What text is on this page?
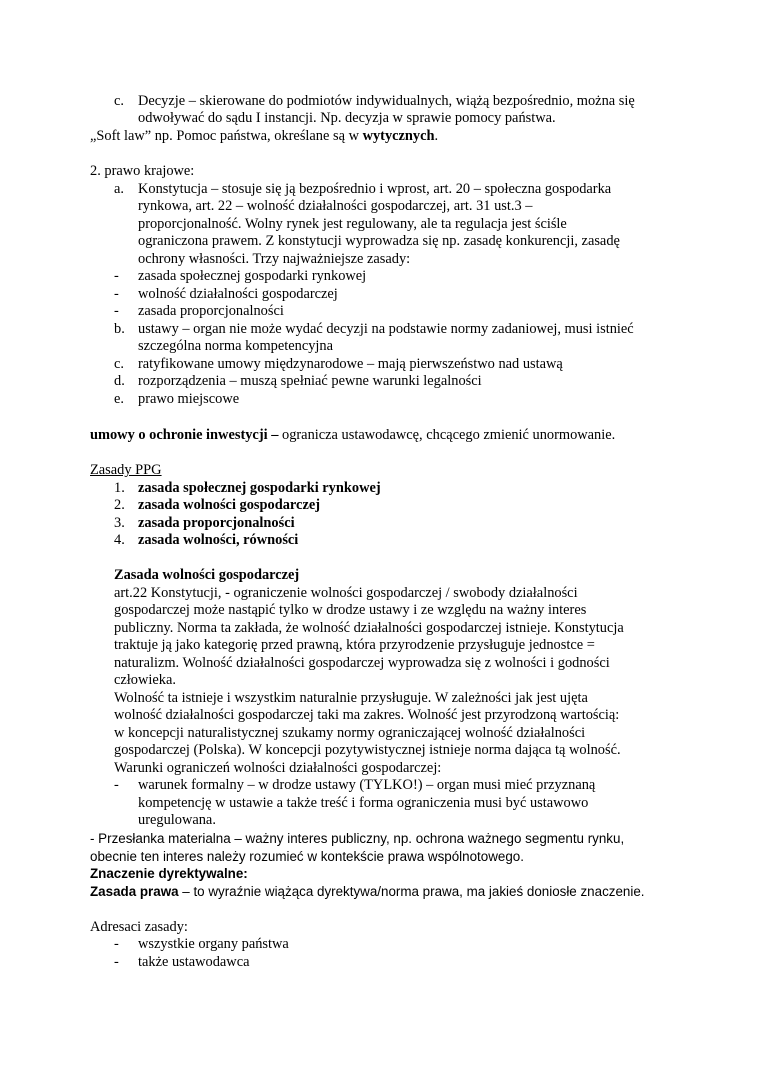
c. Decyzje – skierowane do podmiotów indywidualnych, wiążą bezpośrednio, można się
odwoływać do sądu I instancji. Np. decyzja w sprawie pomocy państwa.
„Soft law” np. Pomoc państwa, określane są w wytycznych.
2. prawo krajowe:
a. Konstytucja – stosuje się ją bezpośrednio i wprost, art. 20 – społeczna gospodarka
rynkowa, art. 22 – wolność działalności gospodarczej, art. 31 ust.3 –
proporcjonalność. Wolny rynek jest regulowany, ale ta regulacja jest ściśle
ograniczona prawem. Z konstytucji wyprowadza się np. zasadę konkurencji, zasadę
ochrony własności. Trzy najważniejsze zasady:
- zasada społecznej gospodarki rynkowej
- wolność działalności gospodarczej
- zasada proporcjonalności
b. ustawy – organ nie może wydać decyzji na podstawie normy zadaniowej, musi istnieć
szczególna norma kompetencyjna
c. ratyfikowane umowy międzynarodowe – mają pierwszeństwo nad ustawą
d. rozporządzenia – muszą spełniać pewne warunki legalności
e. prawo miejscowe
umowy o ochronie inwestycji – ogranicza ustawodawcę, chcącego zmienić unormowanie.
Zasady PPG
1. zasada społecznej gospodarki rynkowej
2. zasada wolności gospodarczej
3. zasada proporcjonalności
4. zasada wolności, równości
Zasada wolności gospodarczej
art.22 Konstytucji, - ograniczenie wolności gospodarczej / swobody działalności
gospodarczej może nastąpić tylko w drodze ustawy i ze względu na ważny interes
publiczny. Norma ta zakłada, że wolność działalności gospodarczej istnieje. Konstytucja
traktuje ją jako kategorię przed prawną, która przyrodzenie przysługuje jednostce =
naturalizm. Wolność działalności gospodarczej wyprowadza się z wolności i godności
człowieka.
Wolność ta istnieje i wszystkim naturalnie przysługuje. W zależności jak jest ujęta
wolność działalności gospodarczej taki ma zakres. Wolność jest przyrodzoną wartością:
w koncepcji naturalistycznej szukamy normy ograniczającej wolność działalności
gospodarczej (Polska). W koncepcji pozytywistycznej istnieje norma dająca tą wolność.
Warunki ograniczeń wolności działalności gospodarczej:
- warunek formalny – w drodze ustawy (TYLKO!) – organ musi mieć przyznaną
kompetencję w ustawie a także treść i forma ograniczenia musi być ustawowo
uregulowana.
- Przesłanka materialna – ważny interes publiczny, np. ochrona ważnego segmentu rynku,
obecnie ten interes należy rozumieć w kontekście prawa wspólnotowego.
Znaczenie dyrektywalne:
Zasada prawa – to wyraźnie wiążąca dyrektywa/norma prawa, ma jakieś doniosłe znaczenie.
Adresaci zasady:
- wszystkie organy państwa
- także ustawodawca
